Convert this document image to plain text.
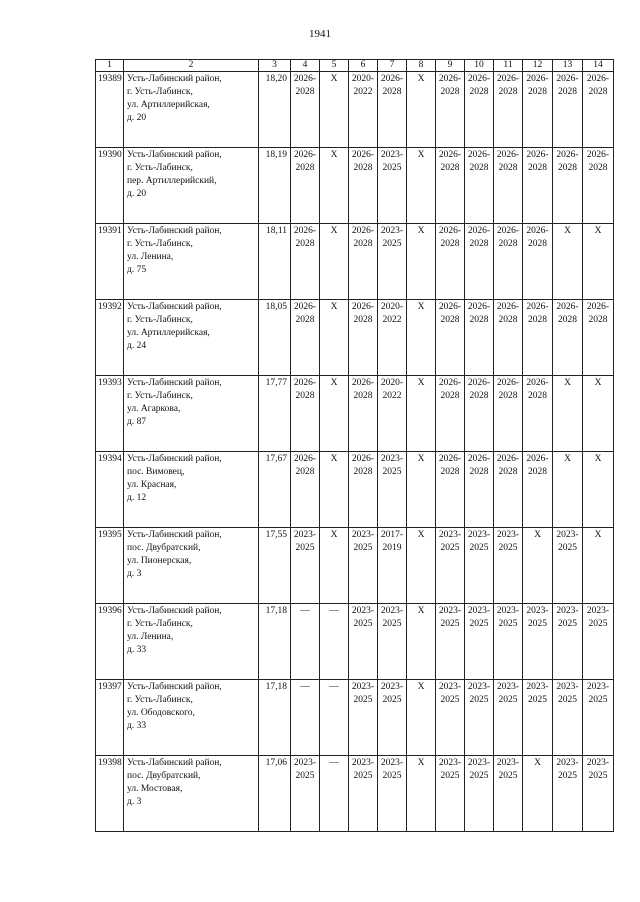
1941
1	2	3	4	5	6	7	8	9	10	11	12	13	14
19389	Усть-Лабинский район,
г. Усть-Лабинск,
ул. Артиллерийская,
д. 20	18,20	2026-
2028	X	2020-
2022	2026-
2028	X	2026-
2028	2026-
2028	2026-
2028	2026-
2028	2026-
2028	2026-
2028
19390	Усть-Лабинский район,
г. Усть-Лабинск,
пер. Артиллерийский,
д. 20	18,19	2026-
2028	X	2026-
2028	2023-
2025	X	2026-
2028	2026-
2028	2026-
2028	2026-
2028	2026-
2028	2026-
2028
19391	Усть-Лабинский район,
г. Усть-Лабинск,
ул. Ленина,
д. 75	18,11	2026-
2028	X	2026-
2028	2023-
2025	X	2026-
2028	2026-
2028	2026-
2028	2026-
2028	X	X
19392	Усть-Лабинский район,
г. Усть-Лабинск,
ул. Артиллерийская,
д. 24	18,05	2026-
2028	X	2026-
2028	2020-
2022	X	2026-
2028	2026-
2028	2026-
2028	2026-
2028	2026-
2028	2026-
2028
19393	Усть-Лабинский район,
г. Усть-Лабинск,
ул. Агаркова,
д. 87	17,77	2026-
2028	X	2026-
2028	2020-
2022	X	2026-
2028	2026-
2028	2026-
2028	2026-
2028	X	X
19394	Усть-Лабинский район,
пос. Вимовец,
ул. Красная,
д. 12	17,67	2026-
2028	X	2026-
2028	2023-
2025	X	2026-
2028	2026-
2028	2026-
2028	2026-
2028	X	X
19395	Усть-Лабинский район,
пос. Двубратский,
ул. Пионерская,
д. 3	17,55	2023-
2025	X	2023-
2025	2017-
2019	X	2023-
2025	2023-
2025	2023-
2025	X	2023-
2025	X
19396	Усть-Лабинский район,
г. Усть-Лабинск,
ул. Ленина,
д. 33	17,18	—	—	2023-
2025	2023-
2025	X	2023-
2025	2023-
2025	2023-
2025	2023-
2025	2023-
2025	2023-
2025
19397	Усть-Лабинский район,
г. Усть-Лабинск,
ул. Ободовского,
д. 33	17,18	—	—	2023-
2025	2023-
2025	X	2023-
2025	2023-
2025	2023-
2025	2023-
2025	2023-
2025	2023-
2025
19398	Усть-Лабинский район,
пос. Двубратский,
ул. Мостовая,
д. 3	17,06	2023-
2025	—	2023-
2025	2023-
2025	X	2023-
2025	2023-
2025	2023-
2025	X	2023-
2025	2023-
2025
